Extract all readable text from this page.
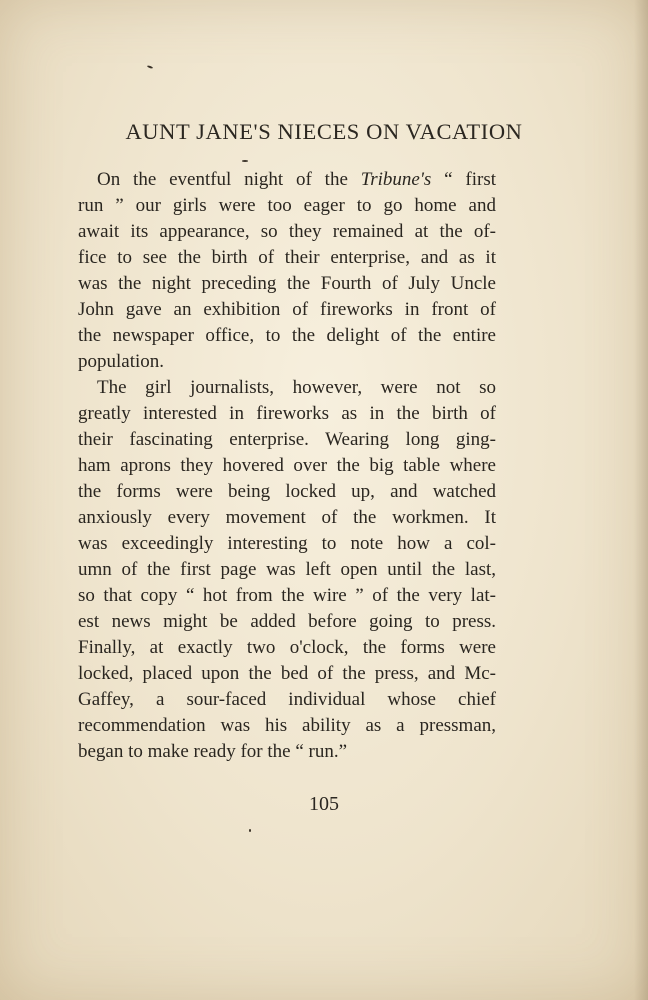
AUNT JANE'S NIECES ON VACATION
On the eventful night of the Tribune's “ first
run ” our girls were too eager to go home and
await its appearance, so they remained at the of-
fice to see the birth of their enterprise, and as it
was the night preceding the Fourth of July Uncle
John gave an exhibition of fireworks in front of
the newspaper office, to the delight of the entire
population.
The girl journalists, however, were not so
greatly interested in fireworks as in the birth of
their fascinating enterprise. Wearing long ging-
ham aprons they hovered over the big table where
the forms were being locked up, and watched
anxiously every movement of the workmen. It
was exceedingly interesting to note how a col-
umn of the first page was left open until the last,
so that copy “ hot from the wire ” of the very lat-
est news might be added before going to press.
Finally, at exactly two o'clock, the forms were
locked, placed upon the bed of the press, and Mc-
Gaffey, a sour-faced individual whose chief
recommendation was his ability as a pressman,
began to make ready for the “ run.”
105
